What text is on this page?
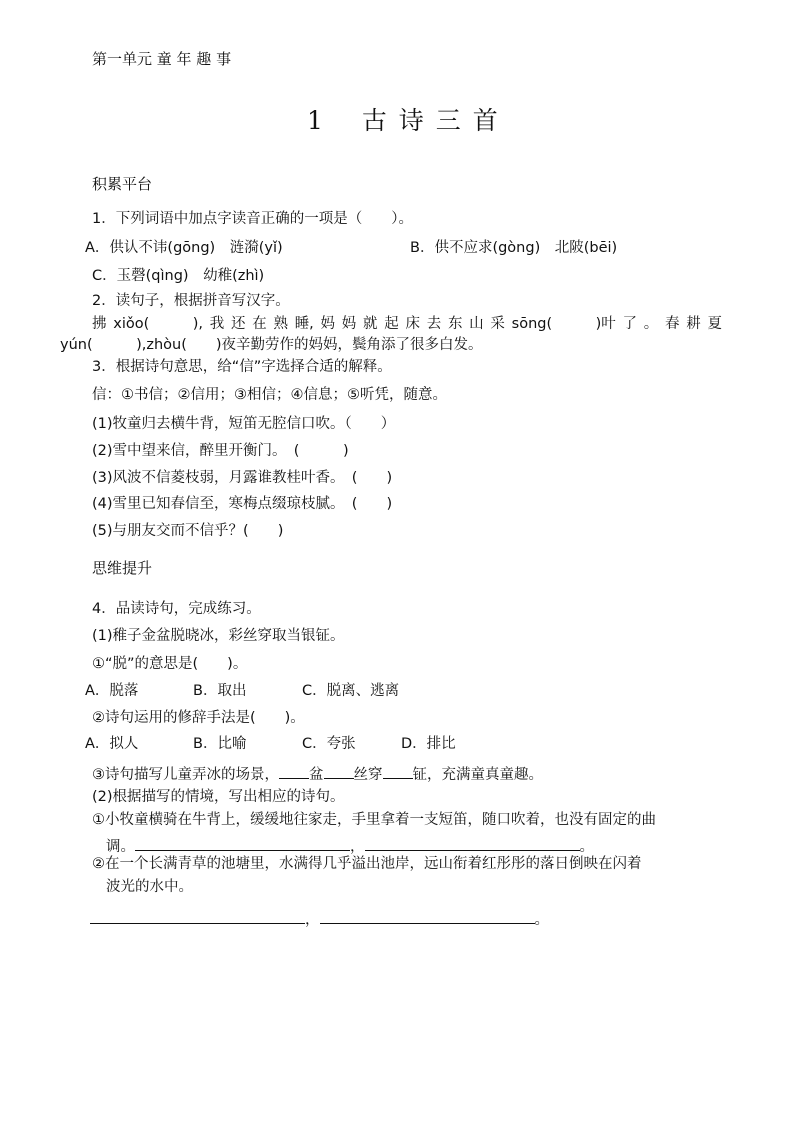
第一单元 童 年 趣 事
1　 古 诗 三 首
积累平台
1．下列词语中加点字读音正确的一项是（　　）。
A．供认不讳(gōng)　涟漪(yǐ)	B．供不应求(gòng)　北陂(bēi)
C．玉磬(qìng)　幼稚(zhì)
2．读句子，根据拼音写汉字。
拂 xiǒo(　　　), 我 还 在 熟 睡, 妈 妈 就 起 床 去 东 山 采 sōng(　　　)叶 了 。 春 耕 夏
yún(　　　),zhòu(　　)夜辛勤劳作的妈妈，鬓角添了很多白发。
3．根据诗句意思，给“信”字选择合适的解释。
信：①书信；②信用；③相信；④信息；⑤听凭，随意。
(1)牧童归去横牛背，短笛无腔信口吹。（　　）
(2)雪中望来信，醉里开衡门。　(　　　)
(3)风波不信菱枝弱，月露谁教桂叶香。　(　　)
(4)雪里已知春信至，寒梅点缀琼枝腻。　(　　)
(5)与朋友交而不信乎？(　　)
思维提升
4．品读诗句，完成练习。
(1)稚子金盆脱晓冰，彩丝穿取当银钲。
①“脱”的意思是(　　)。
A．脱落	B．取出	C．脱离、逃离
②诗句运用的修辞手法是(　　)。
A．拟人	B．比喻	C．夸张	D．排比
③诗句描写儿童弄冰的场景， 盆 丝穿 钲，充满童真童趣。
(2)根据描写的情境，写出相应的诗句。
①小牧童横骑在牛背上，缓缓地往家走，手里拿着一支短笛，随口吹着，也没有固定的曲
调。	，	。
②在一个长满青草的池塘里，水满得几乎溢出池岸，远山衔着红彤彤的落日倒映在闪着
波光的水中。
，	。
